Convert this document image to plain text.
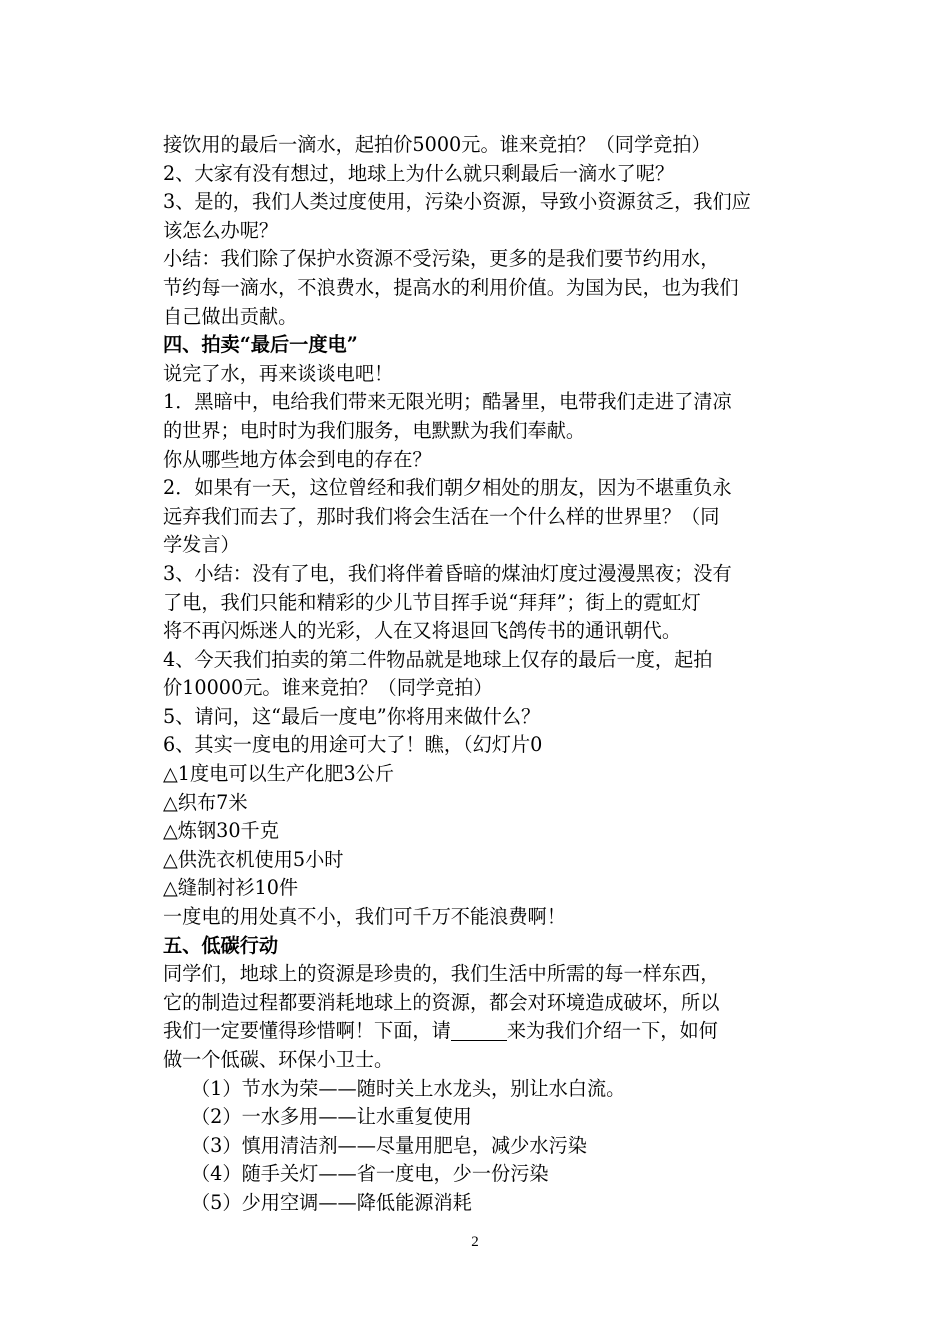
接饮用的最后一滴水，起拍价5000元。谁来竞拍？（同学竞拍）
2、大家有没有想过，地球上为什么就只剩最后一滴水了呢？
3、是的，我们人类过度使用，污染小资源，导致小资源贫乏，我们应
该怎么办呢？
小结：我们除了保护水资源不受污染，更多的是我们要节约用水，
节约每一滴水，不浪费水，提高水的利用价值。为国为民，也为我们
自己做出贡献。
四、拍卖“最后一度电”
说完了水，再来谈谈电吧！
1．黑暗中，电给我们带来无限光明；酷暑里，电带我们走进了清凉
的世界；电时时为我们服务，电默默为我们奉献。
你从哪些地方体会到电的存在？
2．如果有一天，这位曾经和我们朝夕相处的朋友，因为不堪重负永
远弃我们而去了，那时我们将会生活在一个什么样的世界里？（同
学发言）
3、小结：没有了电，我们将伴着昏暗的煤油灯度过漫漫黑夜；没有
了电，我们只能和精彩的少儿节目挥手说“拜拜”；街上的霓虹灯
将不再闪烁迷人的光彩，人在又将退回飞鸽传书的通讯朝代。
4、今天我们拍卖的第二件物品就是地球上仅存的最后一度，起拍
价10000元。谁来竞拍？（同学竞拍）
5、请问，这“最后一度电”你将用来做什么？
6、其实一度电的用途可大了！瞧，（幻灯片0
△1度电可以生产化肥3公斤
△织布7米
△炼钢30千克
△供洗衣机使用5小时
△缝制衬衫10件
一度电的用处真不小，我们可千万不能浪费啊！
五、低碳行动
同学们，地球上的资源是珍贵的，我们生活中所需的每一样东西，
它的制造过程都要消耗地球上的资源，都会对环境造成破坏，所以
我们一定要懂得珍惜啊！下面，请	来为我们介绍一下，如何
做一个低碳、环保小卫士。
（1）节水为荣——随时关上水龙头，别让水白流。
（2）一水多用——让水重复使用
（3）慎用清洁剂——尽量用肥皂，减少水污染
（4）随手关灯——省一度电，少一份污染
（5）少用空调——降低能源消耗
2
